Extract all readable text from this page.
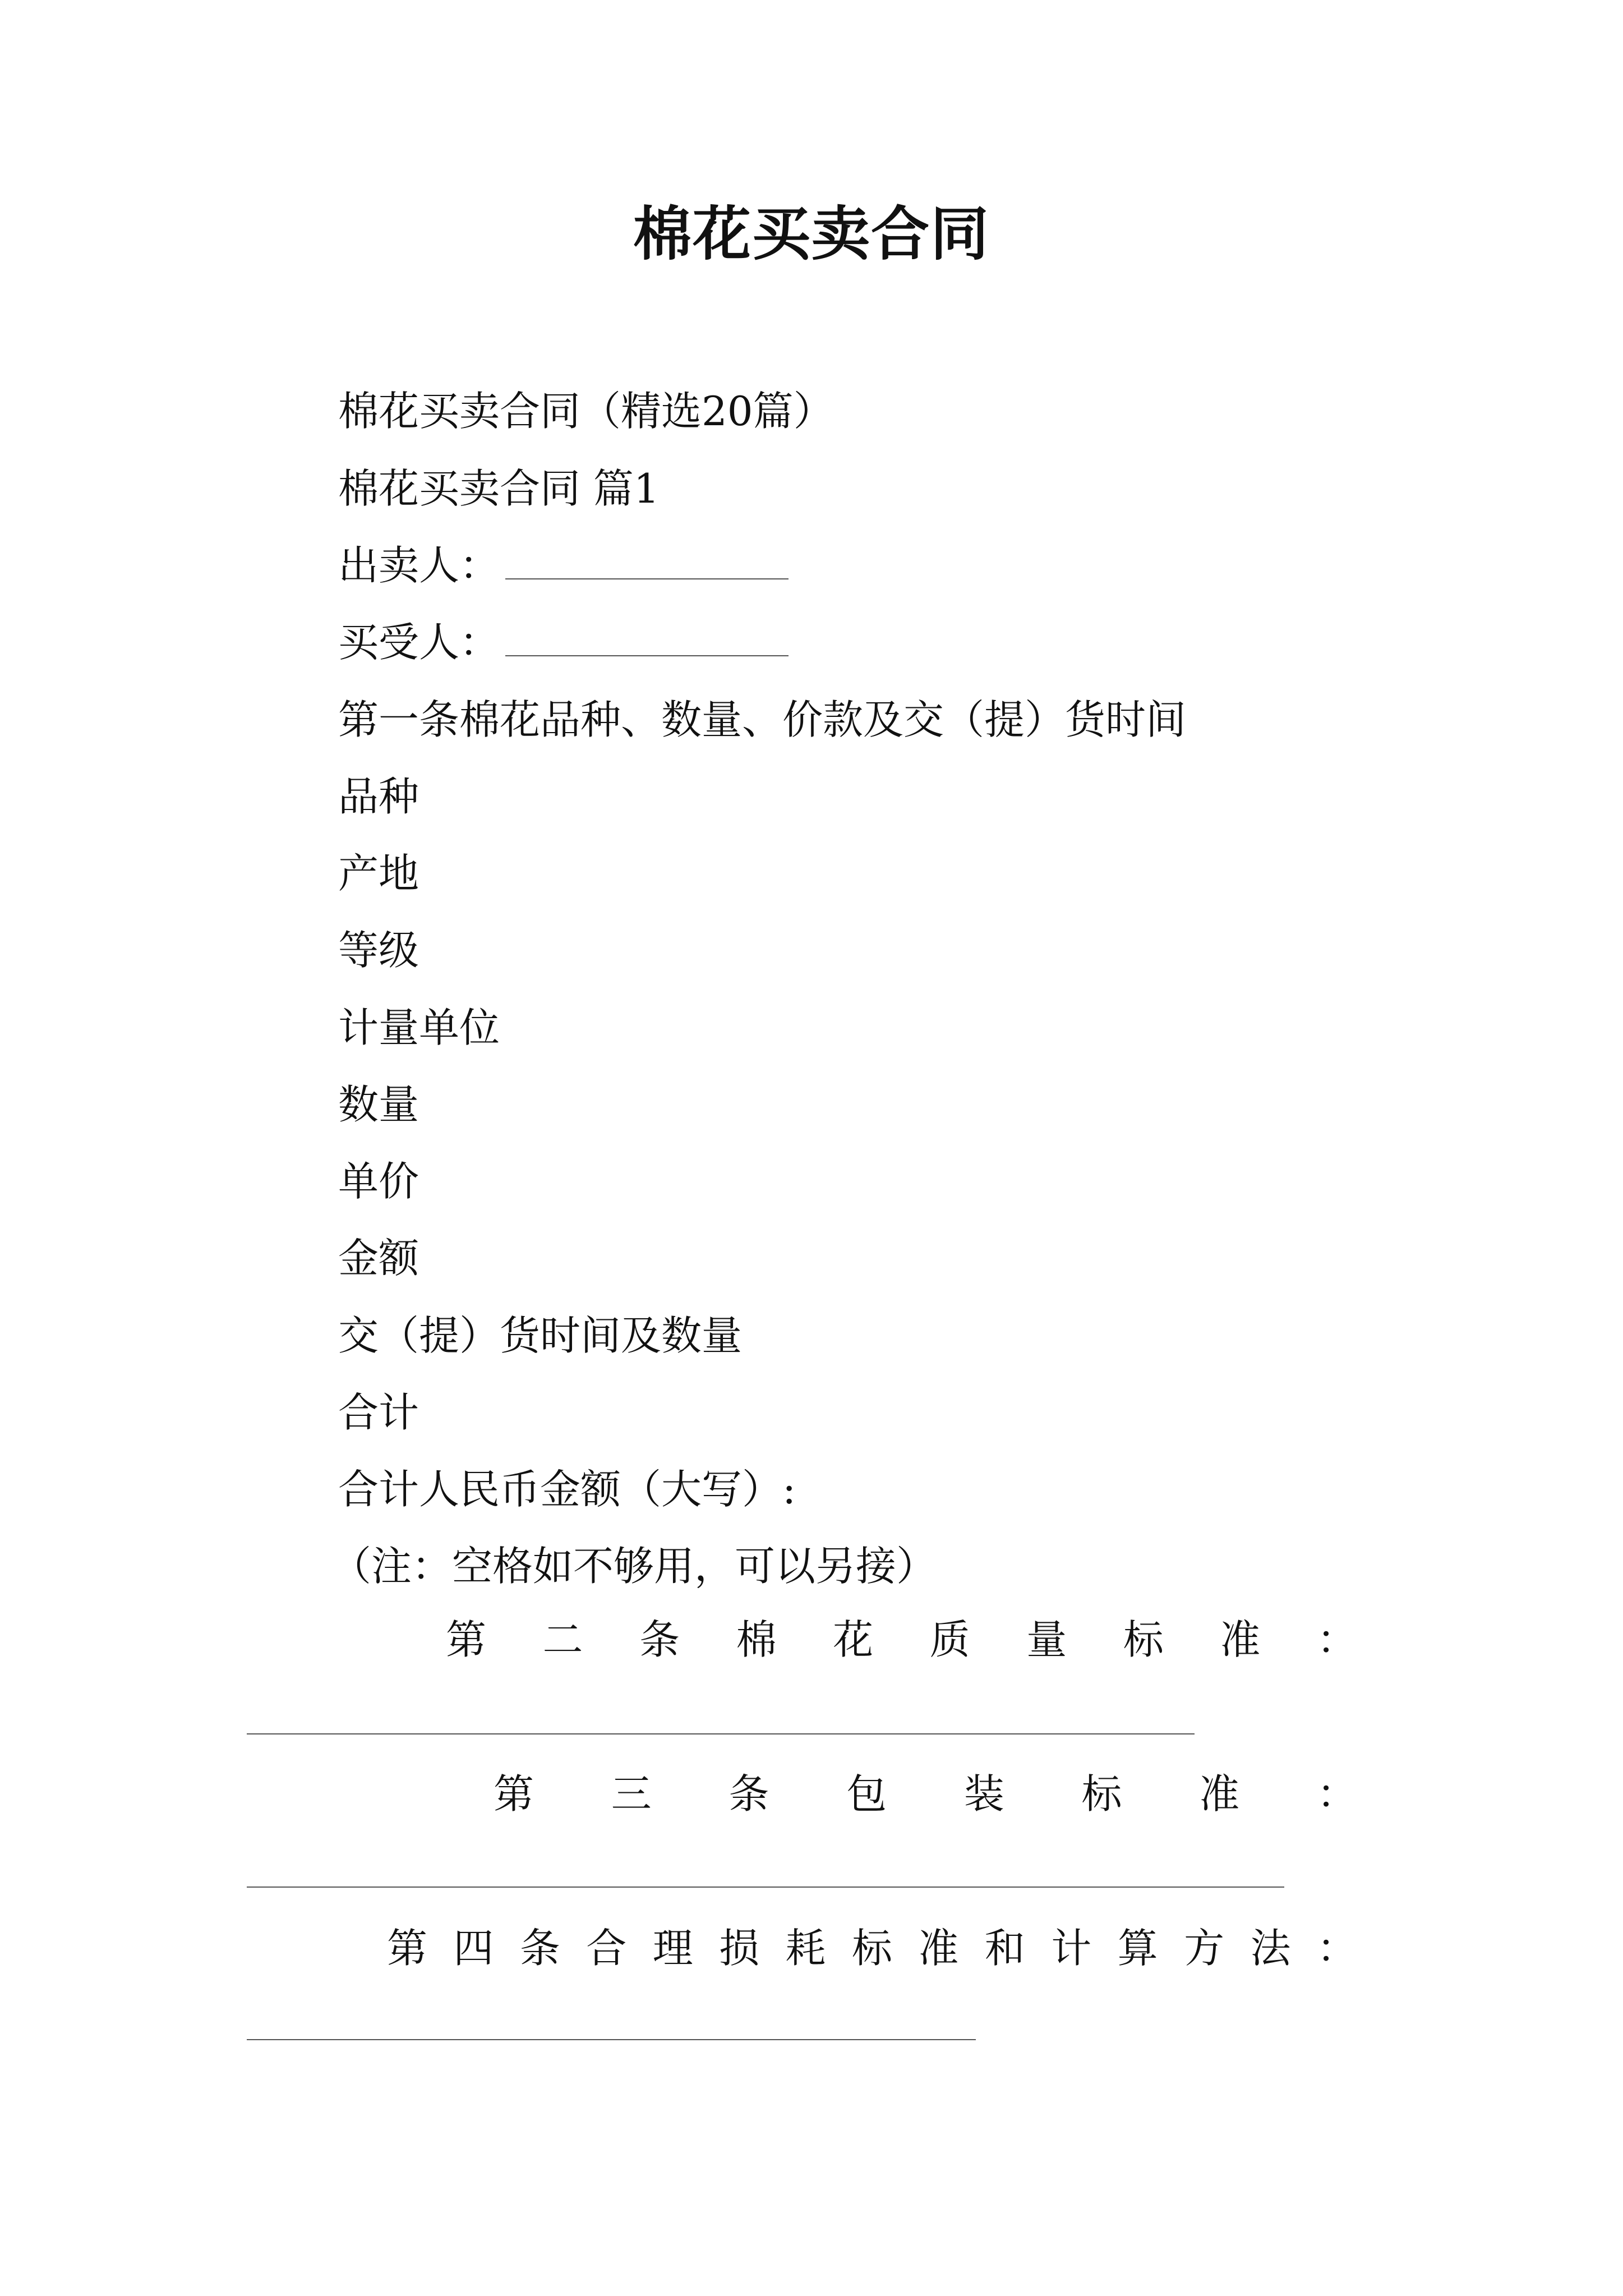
棉花买卖合同
棉花买卖合同（精选20篇）
棉花买卖合同 篇1
出卖人：
买受人：
第一条棉花品种、数量、价款及交（提）货时间
品种
产地
等级
计量单位
数量
单价
金额
交（提）货时间及数量
合计
合计人民币金额（大写）:
（注：空格如不够用，可以另接）
第 二 条 棉 花 质 量 标 准 ：
第 三 条 包 装 标 准 ：
第 四 条 合 理 损 耗 标 准 和 计 算 方 法 ：
